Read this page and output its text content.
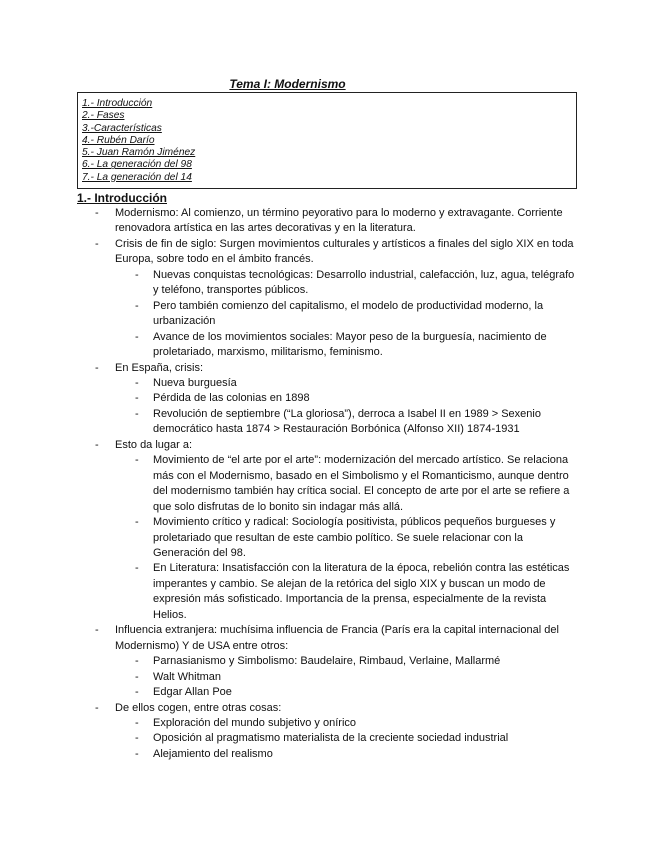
Tema I: Modernismo
1.- Introducción
2.- Fases
3.-Características
4.- Rubén Darío
5.- Juan Ramón Jiménez
6.- La generación del 98
7.- La generación del 14
1.- Introducción
- Modernismo: Al comienzo, un término peyorativo para lo moderno y extravagante. Corriente renovadora artística en las artes decorativas y en la literatura.
- Crisis de fin de siglo: Surgen movimientos culturales y artísticos a finales del siglo XIX en toda Europa, sobre todo en el ámbito francés.
- Nuevas conquistas tecnológicas: Desarrollo industrial, calefacción, luz, agua, telégrafo y teléfono, transportes públicos.
- Pero también comienzo del capitalismo, el modelo de productividad moderno, la urbanización
- Avance de los movimientos sociales: Mayor peso de la burguesía, nacimiento de proletariado, marxismo, militarismo, feminismo.
- En España, crisis:
- Nueva burguesía
- Pérdida de las colonias en 1898
- Revolución de septiembre (“La gloriosa”), derroca a Isabel II en 1989 > Sexenio democrático hasta 1874 > Restauración Borbónica (Alfonso XII) 1874-1931
- Esto da lugar a:
- Movimiento de “el arte por el arte”: modernización del mercado artístico. Se relaciona más con el Modernismo, basado en el Simbolismo y el Romanticismo, aunque dentro del modernismo también hay crítica social. El concepto de arte por el arte se refiere a que solo disfrutas de lo bonito sin indagar más allá.
- Movimiento crítico y radical: Sociología positivista, públicos pequeños burgueses y proletariado que resultan de este cambio político. Se suele relacionar con la Generación del 98.
- En Literatura: Insatisfacción con la literatura de la época, rebelión contra las estéticas imperantes y cambio. Se alejan de la retórica del siglo XIX y buscan un modo de expresión más sofisticado. Importancia de la prensa, especialmente de la revista Helios.
- Influencia extranjera: muchísima influencia de Francia (París era la capital internacional del Modernismo) Y de USA entre otros:
- Parnasianismo y Simbolismo: Baudelaire, Rimbaud, Verlaine, Mallarmé
- Walt Whitman
- Edgar Allan Poe
- De ellos cogen, entre otras cosas:
- Exploración del mundo subjetivo y onírico
- Oposición al pragmatismo materialista de la creciente sociedad industrial
- Alejamiento del realismo
